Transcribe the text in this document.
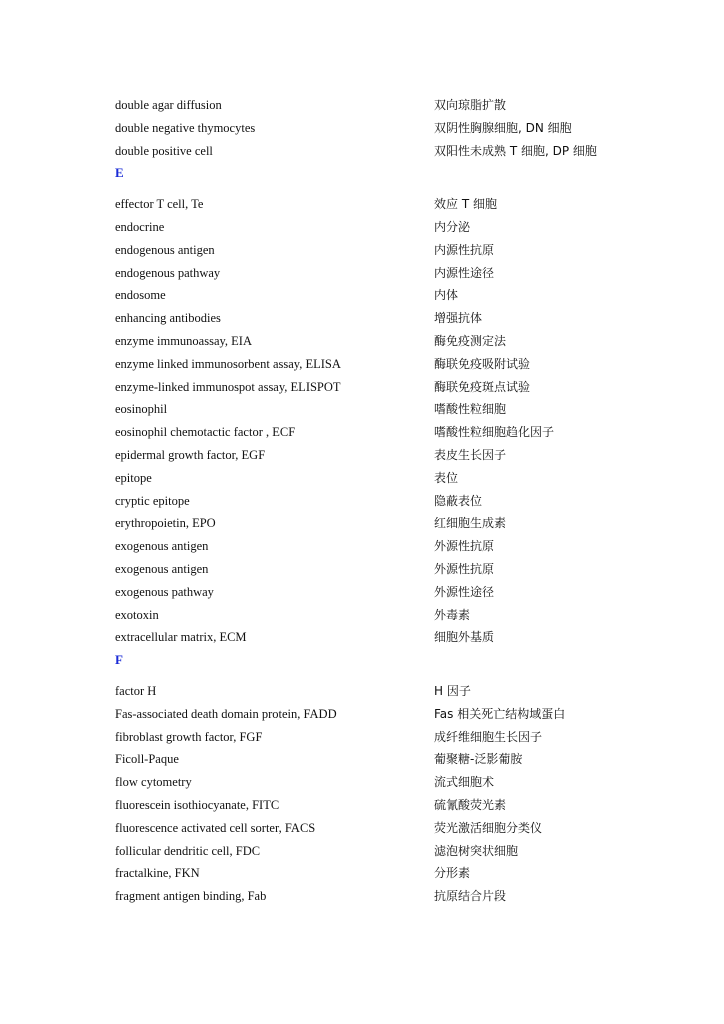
double agar diffusion	双向琼脂扩散
double negative thymocytes	双阴性胸腺细胞, DN 细胞
double positive cell	双阳性未成熟 T 细胞, DP 细胞
E
effector T cell, Te	效应 T 细胞
endocrine	内分泌
endogenous antigen	内源性抗原
endogenous pathway	内源性途径
endosome	内体
enhancing antibodies	增强抗体
enzyme immunoassay, EIA	酶免疫测定法
enzyme linked immunosorbent assay, ELISA	酶联免疫吸附试验
enzyme-linked immunospot assay, ELISPOT	酶联免疫斑点试验
eosinophil	嗜酸性粒细胞
eosinophil chemotactic factor , ECF	嗜酸性粒细胞趋化因子
epidermal growth factor, EGF	表皮生长因子
epitope	表位
cryptic epitope	隐蔽表位
erythropoietin, EPO	红细胞生成素
exogenous antigen	外源性抗原
exogenous antigen	外源性抗原
exogenous pathway	外源性途径
exotoxin	外毒素
extracellular matrix, ECM	细胞外基质
F
factor H	H 因子
Fas-associated death domain protein, FADD	Fas 相关死亡结构域蛋白
fibroblast growth factor, FGF	成纤维细胞生长因子
Ficoll-Paque	葡聚糖-泛影葡胺
flow cytometry	流式细胞术
fluorescein isothiocyanate, FITC	硫氰酸荧光素
fluorescence activated cell sorter, FACS	荧光激活细胞分类仪
follicular dendritic cell, FDC	滤泡树突状细胞
fractalkine, FKN	分形素
fragment antigen binding, Fab	抗原结合片段
